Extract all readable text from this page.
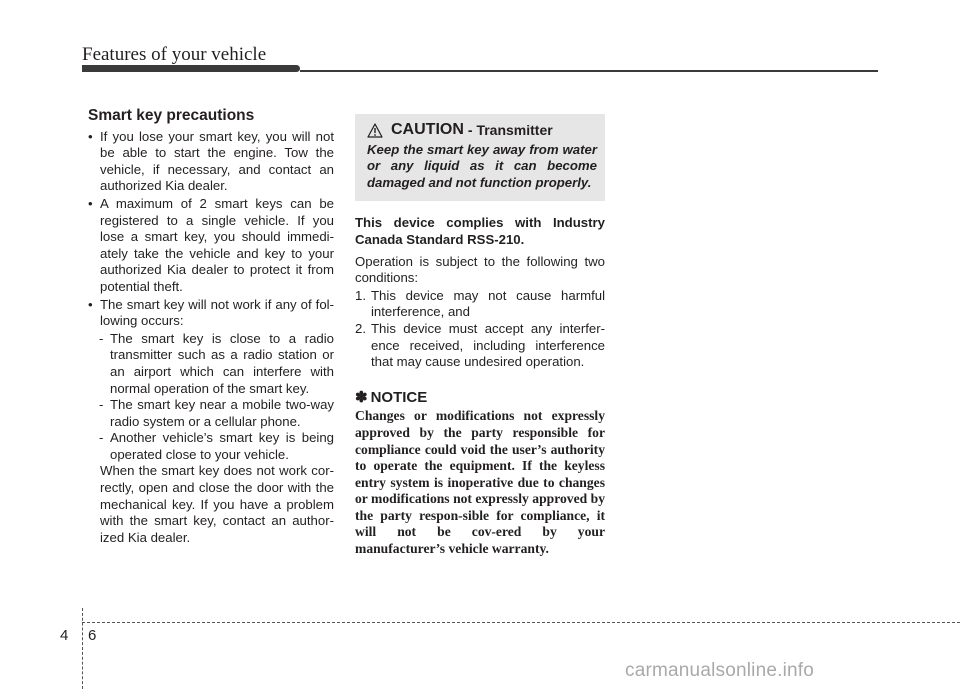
Features of your vehicle
Smart key precautions
• If you lose your smart key, you will not be able to start the engine. Tow the vehicle, if necessary, and contact an authorized Kia dealer.
• A maximum of 2 smart keys can be registered to a single vehicle. If you lose a smart key, you should immedi-ately take the vehicle and key to your authorized Kia dealer to protect it from potential theft.
• The smart key will not work if any of fol-lowing occurs:
- The smart key is close to a radio transmitter such as a radio station or an airport which can interfere with normal operation of the smart key.
- The smart key near a mobile two-way radio system or a cellular phone.
- Another vehicle’s smart key is being operated close to your vehicle.

When the smart key does not work cor-rectly, open and close the door with the mechanical key. If you have a problem with the smart key, contact an author-ized Kia dealer.

CAUTION - Transmitter

Keep the smart key away from water or any liquid as it can become damaged and not function properly.

This device complies with Industry Canada Standard RSS-210.

Operation is subject to the following two conditions:

1. This device may not cause harmful interference, and
2. This device must accept any interfer-ence received, including interference that may cause undesired operation.
✽ NOTICE

Changes or modifications not expressly approved by the party responsible for compliance could void the user’s authority to operate the equipment. If the keyless entry system is inoperative due to changes or modifications not expressly approved by the party respon-sible for compliance, it will not be cov-ered by your manufacturer’s vehicle warranty.

4 6
carmanualsonline.info
